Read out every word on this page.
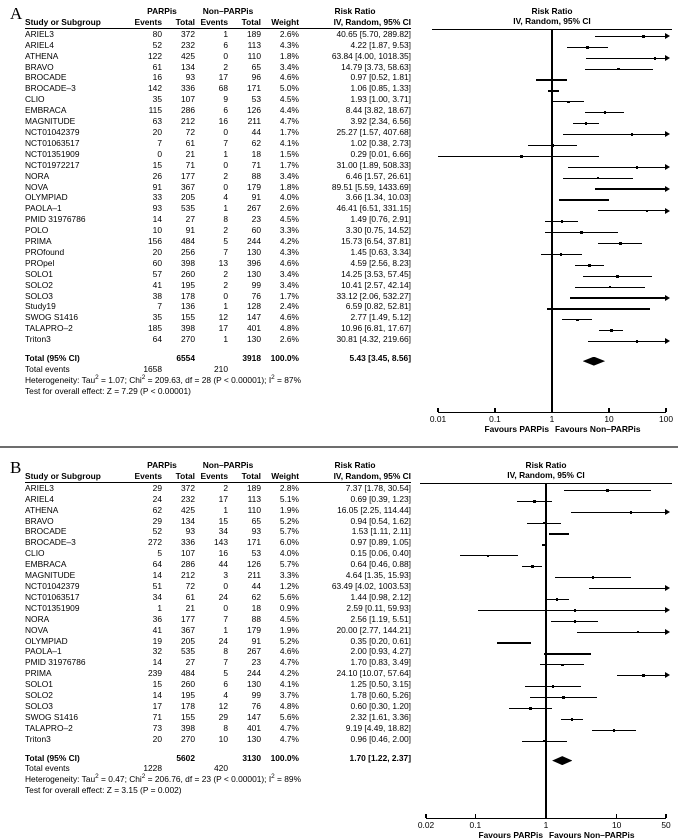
A
		PARPis		Non–PARPis			Risk Ratio
Study or Subgroup	Events	Total	Events	Total	Weight	IV, Random, 95% CI
ARIEL3	80	372	1	189	2.6%	40.65 [5.70, 289.82]
ARIEL4	52	232	6	113	4.3%	4.22 [1.87, 9.53]
ATHENA	122	425	0	110	1.8%	63.84 [4.00, 1018.35]
BRAVO	61	134	2	65	3.4%	14.79 [3.73, 58.63]
BROCADE	16	93	17	96	4.6%	0.97 [0.52, 1.81]
BROCADE–3	142	336	68	171	5.0%	1.06 [0.85, 1.33]
CLIO	35	107	9	53	4.5%	1.93 [1.00, 3.71]
EMBRACA	115	286	6	126	4.4%	8.44 [3.82, 18.67]
MAGNITUDE	63	212	16	211	4.7%	3.92 [2.34, 6.56]
NCT01042379	20	72	0	44	1.7%	25.27 [1.57, 407.68]
NCT01063517	7	61	7	62	4.1%	1.02 [0.38, 2.73]
NCT01351909	0	21	1	18	1.5%	0.29 [0.01, 6.66]
NCT01972217	15	71	0	71	1.7%	31.00 [1.89, 508.33]
NORA	26	177	2	88	3.4%	6.46 [1.57, 26.61]
NOVA	91	367	0	179	1.8%	89.51 [5.59, 1433.69]
OLYMPIAD	33	205	4	91	4.0%	3.66 [1.34, 10.03]
PAOLA–1	93	535	1	267	2.6%	46.41 [6.51, 331.15]
PMID 31976786	14	27	8	23	4.5%	1.49 [0.76, 2.91]
POLO	10	91	2	60	3.3%	3.30 [0.75, 14.52]
PRIMA	156	484	5	244	4.2%	15.73 [6.54, 37.81]
PROfound	20	256	7	130	4.3%	1.45 [0.63, 3.34]
PROpel	60	398	13	396	4.6%	4.59 [2.56, 8.23]
SOLO1	57	260	2	130	3.4%	14.25 [3.53, 57.45]
SOLO2	41	195	2	99	3.4%	10.41 [2.57, 42.14]
SOLO3	38	178	0	76	1.7%	33.12 [2.06, 532.27]
Study19	7	136	1	128	2.4%	6.59 [0.82, 52.81]
SWOG S1416	35	155	12	147	4.6%	2.77 [1.49, 5.12]
TALAPRO–2	185	398	17	401	4.8%	10.96 [6.81, 17.67]
Triton3	64	270	1	130	2.6%	30.81 [4.32, 219.66]

Total (95% CI)		6554		3918	100.0%	5.43 [3.45, 8.56]
Total events	1658		210			
Heterogeneity: Tau$^2$ = 1.07; Chi$^2$ = 209.63, df = 28 (P < 0.00001); $I^2 = 87\%$						
Test for overall effect: Z = 7.29 (P < 0.00001)						
Risk Ratio
IV, Random, 95% CI
0.01	0.1	1	10	100
Favours PARPis Favours Non–PARPis
B
		PARPis		Non–PARPis			Risk Ratio
Study or Subgroup	Events	Total	Events	Total	Weight	IV, Random, 95% CI
ARIEL3	29	372	2	189	2.8%	7.37 [1.78, 30.54]
ARIEL4	24	232	17	113	5.1%	0.69 [0.39, 1.23]
ATHENA	62	425	1	110	1.9%	16.05 [2.25, 114.44]
BRAVO	29	134	15	65	5.2%	0.94 [0.54, 1.62]
BROCADE	52	93	34	93	5.7%	1.53 [1.11, 2.11]
BROCADE–3	272	336	143	171	6.0%	0.97 [0.89, 1.05]
CLIO	5	107	16	53	4.0%	0.15 [0.06, 0.40]
EMBRACA	64	286	44	126	5.7%	0.64 [0.46, 0.88]
MAGNITUDE	14	212	3	211	3.3%	4.64 [1.35, 15.93]
NCT01042379	51	72	0	44	1.2%	63.49 [4.02, 1003.53]
NCT01063517	34	61	24	62	5.6%	1.44 [0.98, 2.12]
NCT01351909	1	21	0	18	0.9%	2.59 [0.11, 59.93]
NORA	36	177	7	88	4.5%	2.56 [1.19, 5.51]
NOVA	41	367	1	179	1.9%	20.00 [2.77, 144.21]
OLYMPIAD	19	205	24	91	5.2%	0.35 [0.20, 0.61]
PAOLA–1	32	535	8	267	4.6%	2.00 [0.93, 4.27]
PMID 31976786	14	27	7	23	4.7%	1.70 [0.83, 3.49]
PRIMA	239	484	5	244	4.2%	24.10 [10.07, 57.64]
SOLO1	15	260	6	130	4.1%	1.25 [0.50, 3.15]
SOLO2	14	195	4	99	3.7%	1.78 [0.60, 5.26]
SOLO3	17	178	12	76	4.8%	0.60 [0.30, 1.20]
SWOG S1416	71	155	29	147	5.6%	2.32 [1.61, 3.36]
TALAPRO–2	73	398	8	401	4.7%	9.19 [4.49, 18.82]
Triton3	20	270	10	130	4.7%	0.96 [0.46, 2.00]

Total (95% CI)		5602		3130	100.0%	1.70 [1.22, 2.37]
Total events	1228		420			
Heterogeneity: Tau$^2$ = 0.47; Chi$^2$ = 206.76, df = 23 (P < 0.00001); $I^2 = 89\%$						
Test for overall effect: Z = 3.15 (P = 0.002)						
Risk Ratio
IV, Random, 95% CI
0.02	0.1	1	10	50
Favours PARPis Favours Non–PARPis
